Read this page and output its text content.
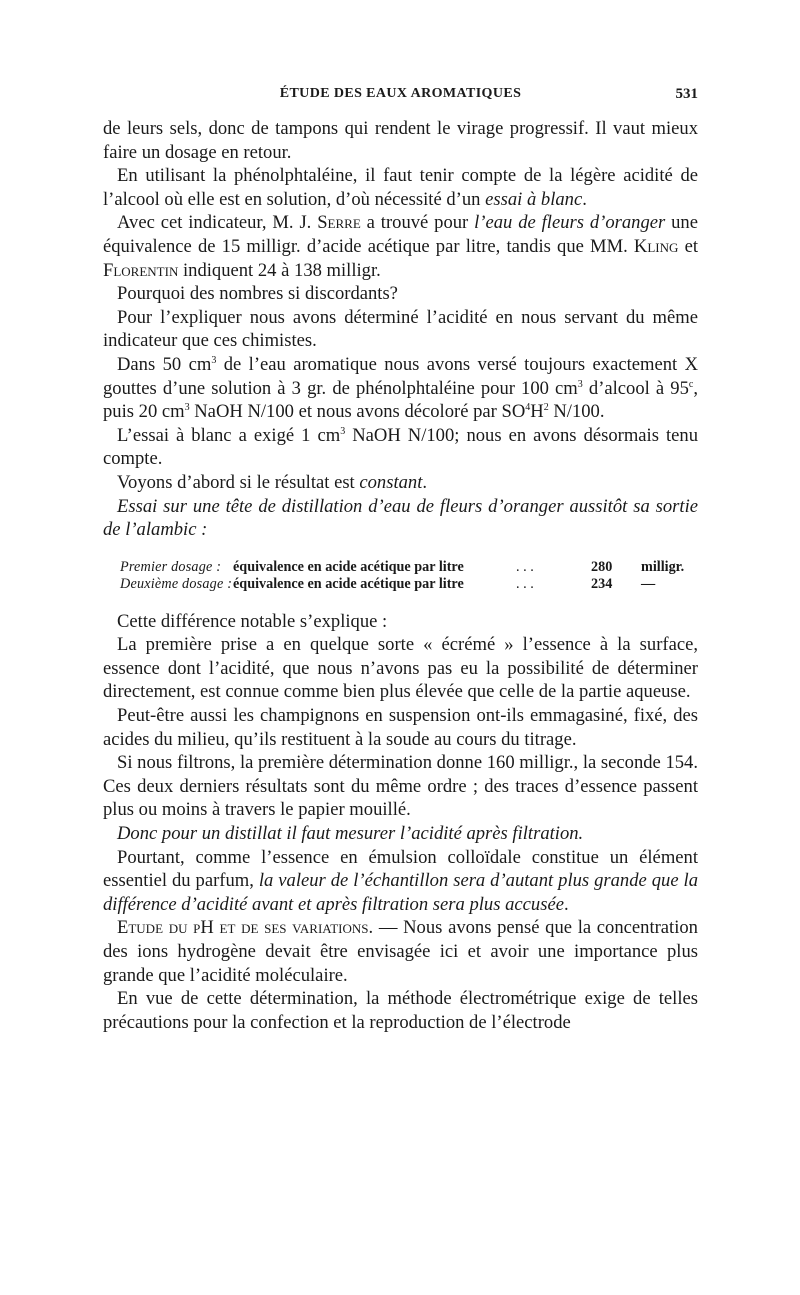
ÉTUDE DES EAUX AROMATIQUES	531

de leurs sels, donc de tampons qui rendent le virage progressif. Il vaut mieux faire un dosage en retour.

En utilisant la phénolphtaléine, il faut tenir compte de la légère acidité de l’alcool où elle est en solution, d’où nécessité d’un essai à blanc.

Avec cet indicateur, M. J. Serre a trouvé pour l’eau de fleurs d’oranger une équivalence de 15 milligr. d’acide acétique par litre, tandis que MM. Kling et Florentin indiquent 24 à 138 milligr.

Pourquoi des nombres si discordants?

Pour l’expliquer nous avons déterminé l’acidité en nous servant du même indicateur que ces chimistes.

Dans 50 $cm^3$ de l’eau aromatique nous avons versé toujours exactement X gouttes d’une solution à 3 gr. de phénolphtaléine pour 100 $cm^3$ d’alcool à 95$^c$, puis 20 $cm^3$ NaOH N/100 et nous avons décoloré par $SO^4H^2$ N/100.

L’essai à blanc a exigé 1 $cm^3$ NaOH N/100; nous en avons désormais tenu compte.

Voyons d’abord si le résultat est constant.

Essai sur une tête de distillation d’eau de fleurs d’oranger aussitôt sa sortie de l’alambic :

Premier dosage : équivalence en acide acétique par litre	. . .	280	milligr.
Deuxième dosage : équivalence en acide acétique par litre	. . .	234	—

Cette différence notable s’explique :

La première prise a en quelque sorte « écrémé » l’essence à la surface, essence dont l’acidité, que nous n’avons pas eu la possibilité de déterminer directement, est connue comme bien plus élevée que celle de la partie aqueuse.

Peut-être aussi les champignons en suspension ont-ils emmagasiné, fixé, des acides du milieu, qu’ils restituent à la soude au cours du titrage.

Si nous filtrons, la première détermination donne 160 milligr., la seconde 154. Ces deux derniers résultats sont du même ordre ; des traces d’essence passent plus ou moins à travers le papier mouillé.

Donc pour un distillat il faut mesurer l’acidité après filtration.

Pourtant, comme l’essence en émulsion colloïdale constitue un élément essentiel du parfum, la valeur de l’échantillon sera d’autant plus grande que la différence d’acidité avant et après filtration sera plus accusée.

Etude du pH et de ses variations. — Nous avons pensé que la concentration des ions hydrogène devait être envisagée ici et avoir une importance plus grande que l’acidité moléculaire.

En vue de cette détermination, la méthode électrométrique exige de telles précautions pour la confection et la reproduction de l’électrode
